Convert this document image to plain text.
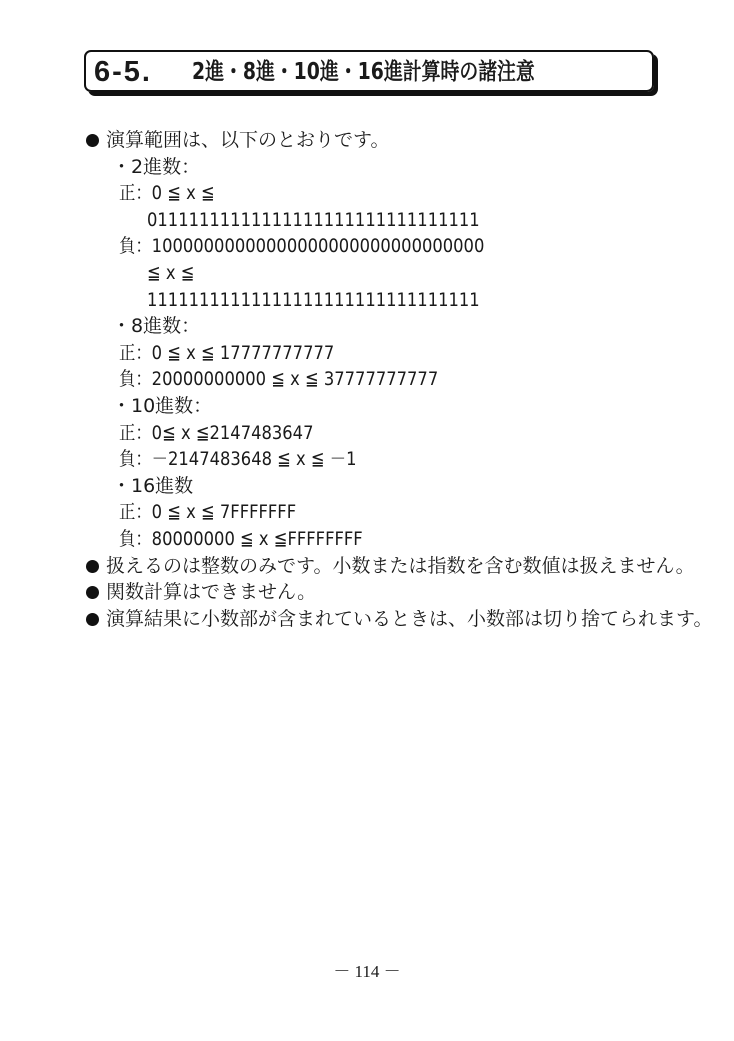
6-5. 2進・8進・10進・16進計算時の諸注意
演算範囲は、以下のとおりです。
・2進数：
正：0 ≦ x ≦
01111111111111111111111111111111
負：10000000000000000000000000000000
≦ x ≦
11111111111111111111111111111111
・8進数：
正：0 ≦ x ≦ 17777777777
負：20000000000 ≦ x ≦ 37777777777
・10進数：
正：0≦ x ≦2147483647
負：－2147483648 ≦ x ≦ －1
・16進数
正：0 ≦ x ≦ 7FFFFFFF
負：80000000 ≦ x ≦FFFFFFFF
扱えるのは整数のみです。小数または指数を含む数値は扱えません。
関数計算はできません。
演算結果に小数部が含まれているときは、小数部は切り捨てられます。
－ 114 －
